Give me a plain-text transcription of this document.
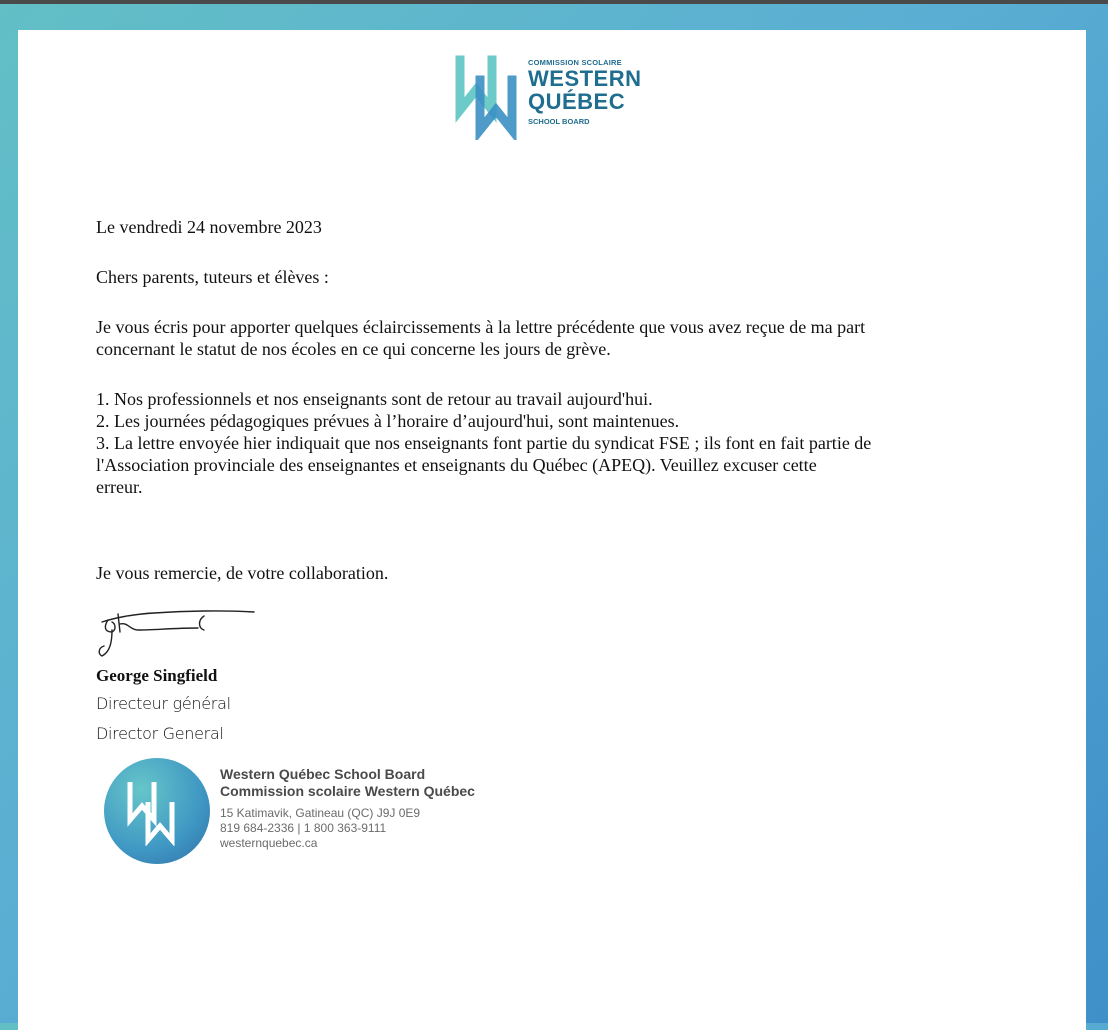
COMMISSION SCOLAIRE
WESTERN
QUÉBEC
SCHOOL BOARD
Le vendredi 24 novembre 2023
Chers parents, tuteurs et élèves :
Je vous écris pour apporter quelques éclaircissements à la lettre précédente que vous avez reçue de ma part
concernant le statut de nos écoles en ce qui concerne les jours de grève.
1. Nos professionnels et nos enseignants sont de retour au travail aujourd'hui.
2. Les journées pédagogiques prévues à l’horaire d’aujourd'hui, sont maintenues.
3. La lettre envoyée hier indiquait que nos enseignants font partie du syndicat FSE ; ils font en fait partie de
l'Association provinciale des enseignantes et enseignants du Québec (APEQ). Veuillez excuser cette
erreur.
Je vous remercie, de votre collaboration.
George Singfield
Directeur général
Director General
Western Québec School Board
Commission scolaire Western Québec
15 Katimavik, Gatineau (QC) J9J 0E9
819 684-2336 | 1 800 363-9111
westernquebec.ca
